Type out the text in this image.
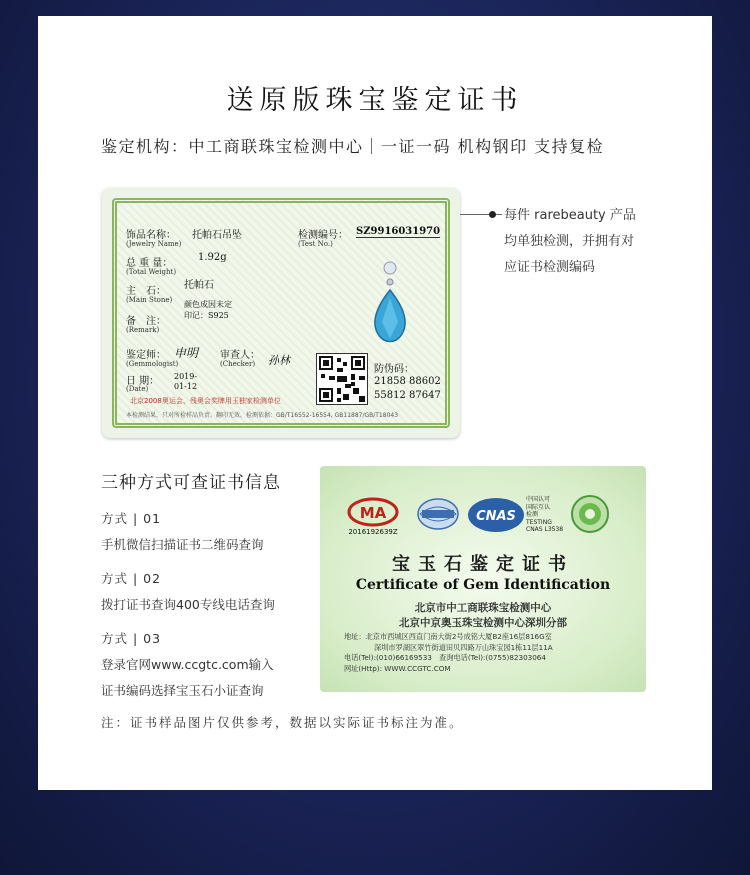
送原版珠宝鉴定证书
鉴定机构：中工商联珠宝检测中心｜一证一码 机构钢印 支持复检
饰品名称： 托帕石吊坠
(Jewelry Name)
总 重 量：
1.92g
(Total Weight)
主　石：
托帕石
(Main Stone) 颜色成因未定
印记：S925
备　注：
(Remark)
检测编号：
(Test No.)
SZ9916031970
鉴定师： 申明
(Gemmologist)
审查人： 孙林
(Checker)
日 期： 2019-
01-12
(Date)
防伪码：
21858 88602
55812 87647
北京2008奥运会、残奥会奖牌用玉独家检测单位
本检测结果，只对所检样品负责。翻印无效。检测依据：GB/T16552-16554, GB11887/GB/T18043
每件 rarebeauty 产品
均单独检测，并拥有对
应证书检测编码
三种方式可查证书信息
方式 | 01
手机微信扫描证书二维码查询
方式 | 02
拨打证书查询400专线电话查询
方式 | 03
登录官网www.ccgtc.com输入
证书编码选择宝玉石小证查询
MA
2016192639Z
CNAS
中国认可
国际互认
检测
TESTING
CNAS L3538
宝玉石鉴定证书
Certificate of Gem Identification
北京市中工商联珠宝检测中心
北京中京奥玉珠宝检测中心深圳分部
地址：北京市西城区西直门南大街2号成铭大厦B2座16层816G室
深圳市罗湖区翠竹街道田贝四路万山珠宝园1栋11层11A
电话(Tel):(010)66169533　查询电话(Tel):(0755)82303064
网址(Http): WWW.CCGTC.COM
注：证书样品图片仅供参考，数据以实际证书标注为准。
